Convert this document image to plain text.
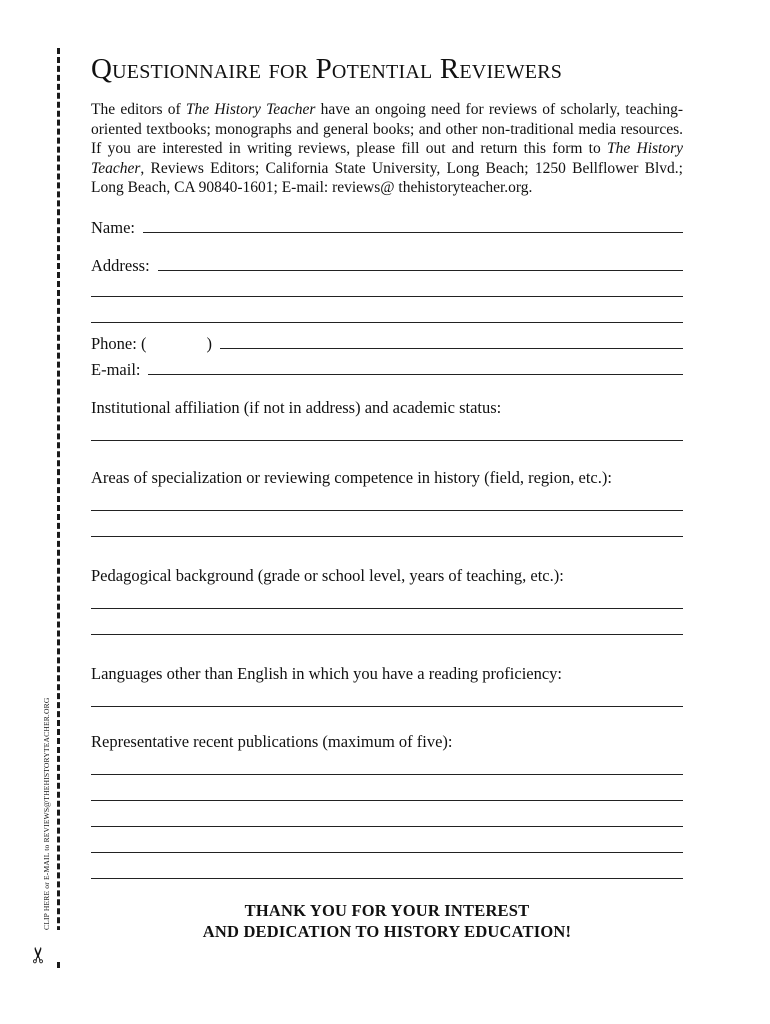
✂
CLIP HERE or E-MAIL to REVIEWS@THEHISTORYTEACHER.ORG
Questionnaire for Potential Reviewers
The editors of The History Teacher have an ongoing need for reviews of scholarly, teaching-oriented textbooks; monographs and general books; and other non-traditional media resources. If you are interested in writing reviews, please fill out and return this form to The History Teacher, Reviews Editors; California State University, Long Beach; 1250 Bellflower Blvd.; Long Beach, CA 90840-1601; E-mail: reviews@ thehistoryteacher.org.
Name:
Address:
Phone: (	)
E-mail:
Institutional affiliation (if not in address) and academic status:
Areas of specialization or reviewing competence in history (field, region, etc.):
Pedagogical background (grade or school level, years of teaching, etc.):
Languages other than English in which you have a reading proficiency:
Representative recent publications (maximum of five):
THANK YOU FOR YOUR INTEREST
AND DEDICATION TO HISTORY EDUCATION!
